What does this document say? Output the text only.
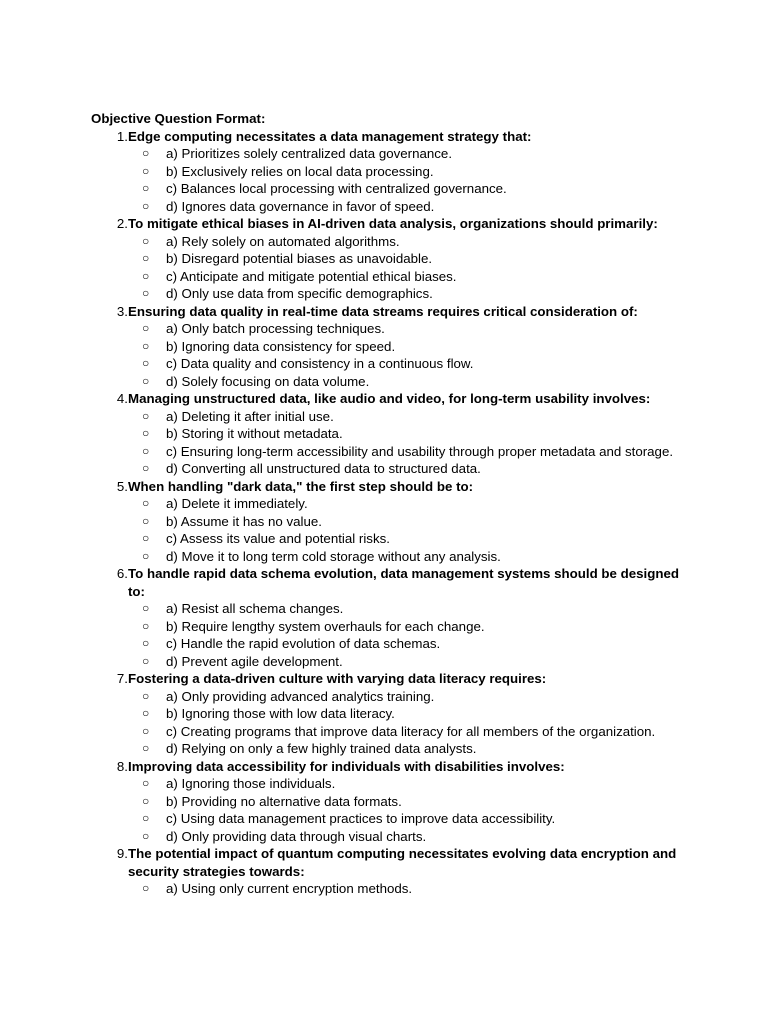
Objective Question Format:

1. Edge computing necessitates a data management strategy that:
○ a) Prioritizes solely centralized data governance.
○ b) Exclusively relies on local data processing.
○ c) Balances local processing with centralized governance.
○ d) Ignores data governance in favor of speed.
2. To mitigate ethical biases in AI-driven data analysis, organizations should primarily:
○ a) Rely solely on automated algorithms.
○ b) Disregard potential biases as unavoidable.
○ c) Anticipate and mitigate potential ethical biases.
○ d) Only use data from specific demographics.
3. Ensuring data quality in real-time data streams requires critical consideration of:
○ a) Only batch processing techniques.
○ b) Ignoring data consistency for speed.
○ c) Data quality and consistency in a continuous flow.
○ d) Solely focusing on data volume.
4. Managing unstructured data, like audio and video, for long-term usability involves:
○ a) Deleting it after initial use.
○ b) Storing it without metadata.
○ c) Ensuring long-term accessibility and usability through proper metadata and storage.
○ d) Converting all unstructured data to structured data.
5. When handling "dark data," the first step should be to:
○ a) Delete it immediately.
○ b) Assume it has no value.
○ c) Assess its value and potential risks.
○ d) Move it to long term cold storage without any analysis.
6. To handle rapid data schema evolution, data management systems should be designed to:
○ a) Resist all schema changes.
○ b) Require lengthy system overhauls for each change.
○ c) Handle the rapid evolution of data schemas.
○ d) Prevent agile development.
7. Fostering a data-driven culture with varying data literacy requires:
○ a) Only providing advanced analytics training.
○ b) Ignoring those with low data literacy.
○ c) Creating programs that improve data literacy for all members of the organization.
○ d) Relying on only a few highly trained data analysts.
8. Improving data accessibility for individuals with disabilities involves:
○ a) Ignoring those individuals.
○ b) Providing no alternative data formats.
○ c) Using data management practices to improve data accessibility.
○ d) Only providing data through visual charts.
9. The potential impact of quantum computing necessitates evolving data encryption and security strategies towards:
○ a) Using only current encryption methods.
